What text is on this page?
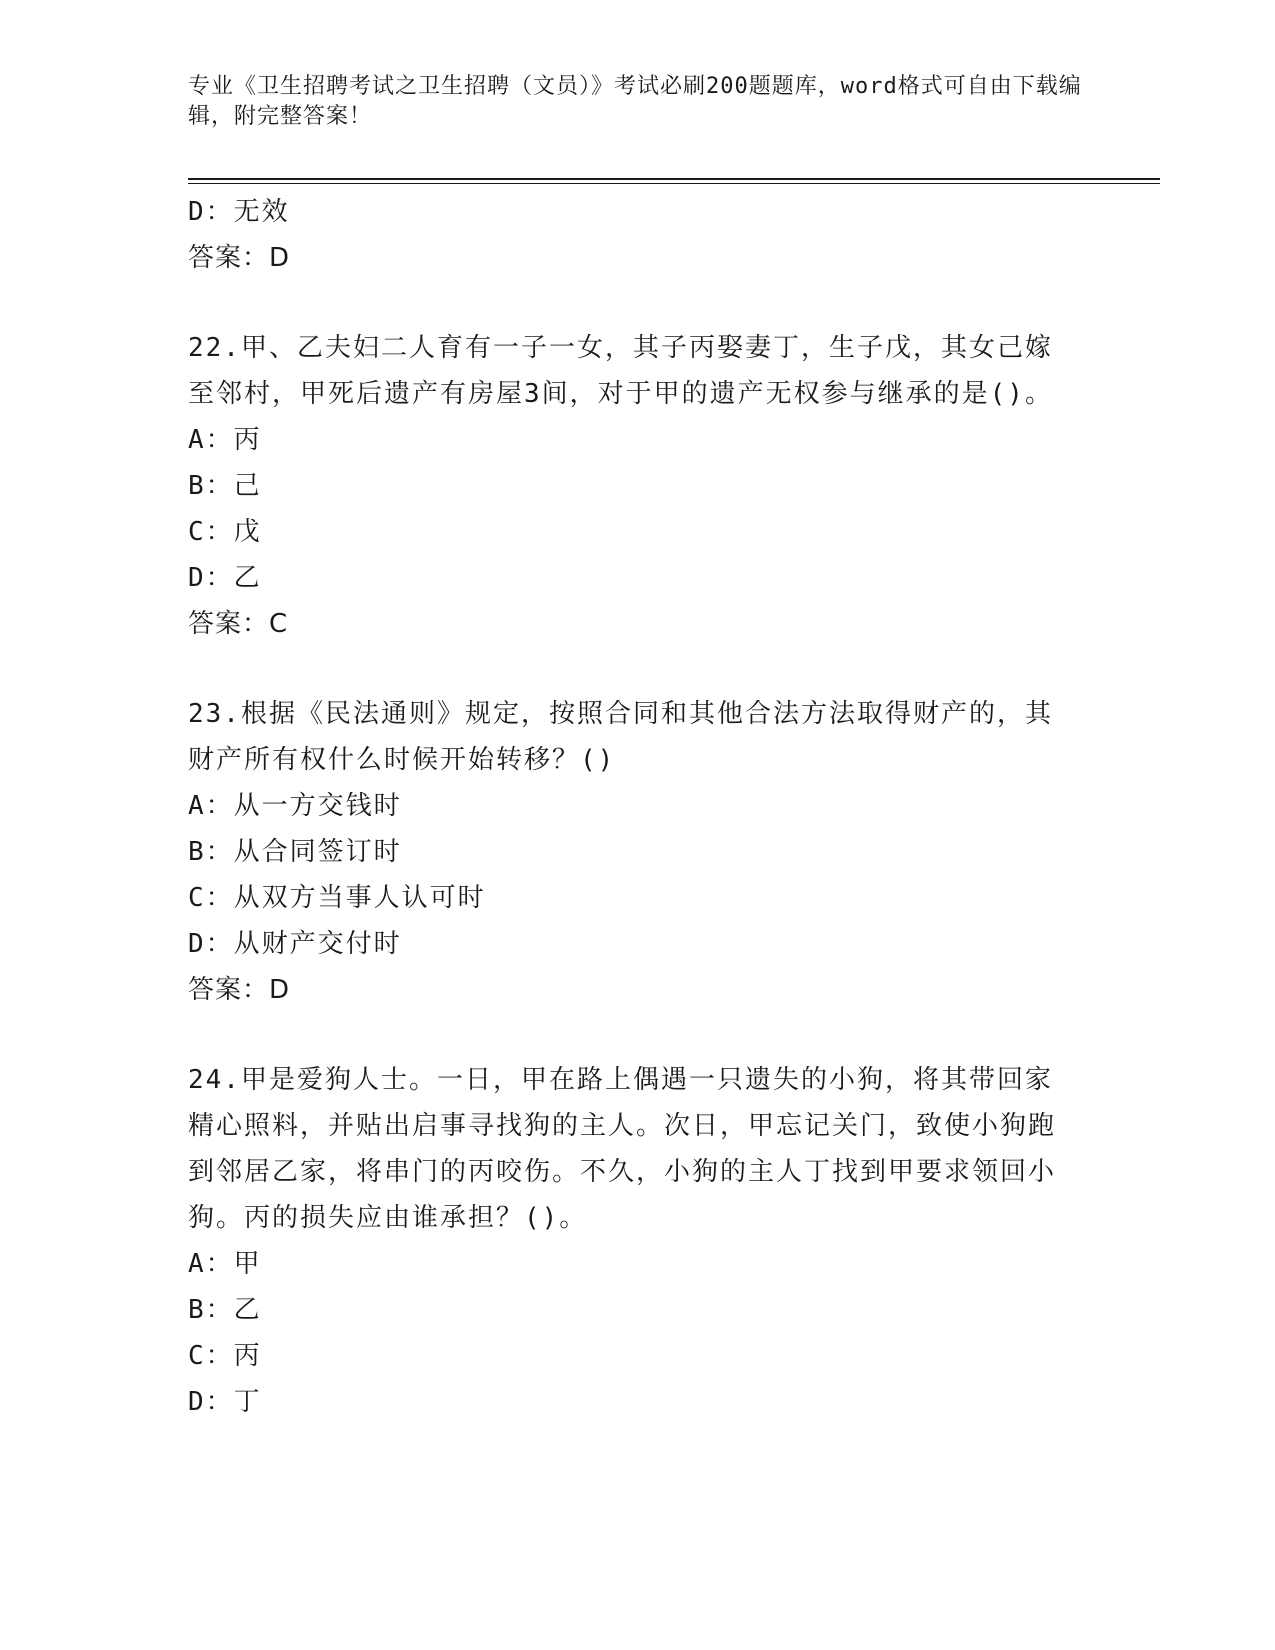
专业《卫生招聘考试之卫生招聘（文员）》考试必刷200题题库，word格式可自由下载编辑，附完整答案！
D：无效
答案：D
22.甲、乙夫妇二人育有一子一女，其子丙娶妻丁，生子戊，其女己嫁至邻村，甲死后遗产有房屋3间，对于甲的遗产无权参与继承的是()。
A：丙
B：己
C：戊
D：乙
答案：C
23.根据《民法通则》规定，按照合同和其他合法方法取得财产的，其财产所有权什么时候开始转移？()
A：从一方交钱时
B：从合同签订时
C：从双方当事人认可时
D：从财产交付时
答案：D
24.甲是爱狗人士。一日，甲在路上偶遇一只遗失的小狗，将其带回家精心照料，并贴出启事寻找狗的主人。次日，甲忘记关门，致使小狗跑到邻居乙家，将串门的丙咬伤。不久，小狗的主人丁找到甲要求领回小狗。丙的损失应由谁承担？()。
A：甲
B：乙
C：丙
D：丁
